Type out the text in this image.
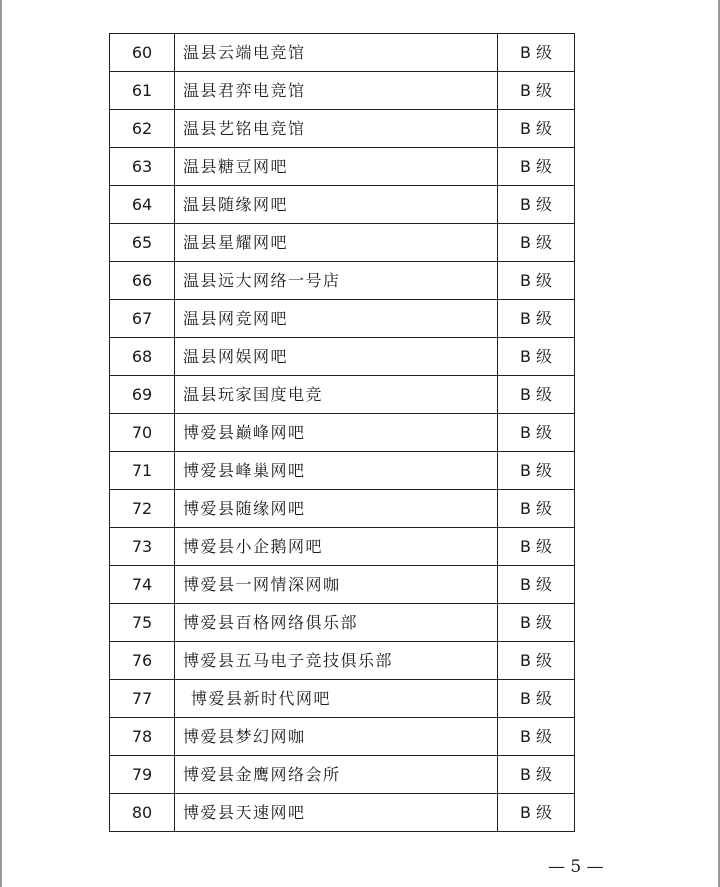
60	温县云端电竞馆	B 级
61	温县君弈电竞馆	B 级
62	温县艺铭电竞馆	B 级
63	温县糖豆网吧	B 级
64	温县随缘网吧	B 级
65	温县星耀网吧	B 级
66	温县远大网络一号店	B 级
67	温县网竞网吧	B 级
68	温县网娱网吧	B 级
69	温县玩家国度电竞	B 级
70	博爱县巅峰网吧	B 级
71	博爱县峰巢网吧	B 级
72	博爱县随缘网吧	B 级
73	博爱县小企鹅网吧	B 级
74	博爱县一网情深网咖	B 级
75	博爱县百格网络俱乐部	B 级
76	博爱县五马电子竞技俱乐部	B 级
77	博爱县新时代网吧	B 级
78	博爱县梦幻网咖	B 级
79	博爱县金鹰网络会所	B 级
80	博爱县天速网吧	B 级
— 5 —
